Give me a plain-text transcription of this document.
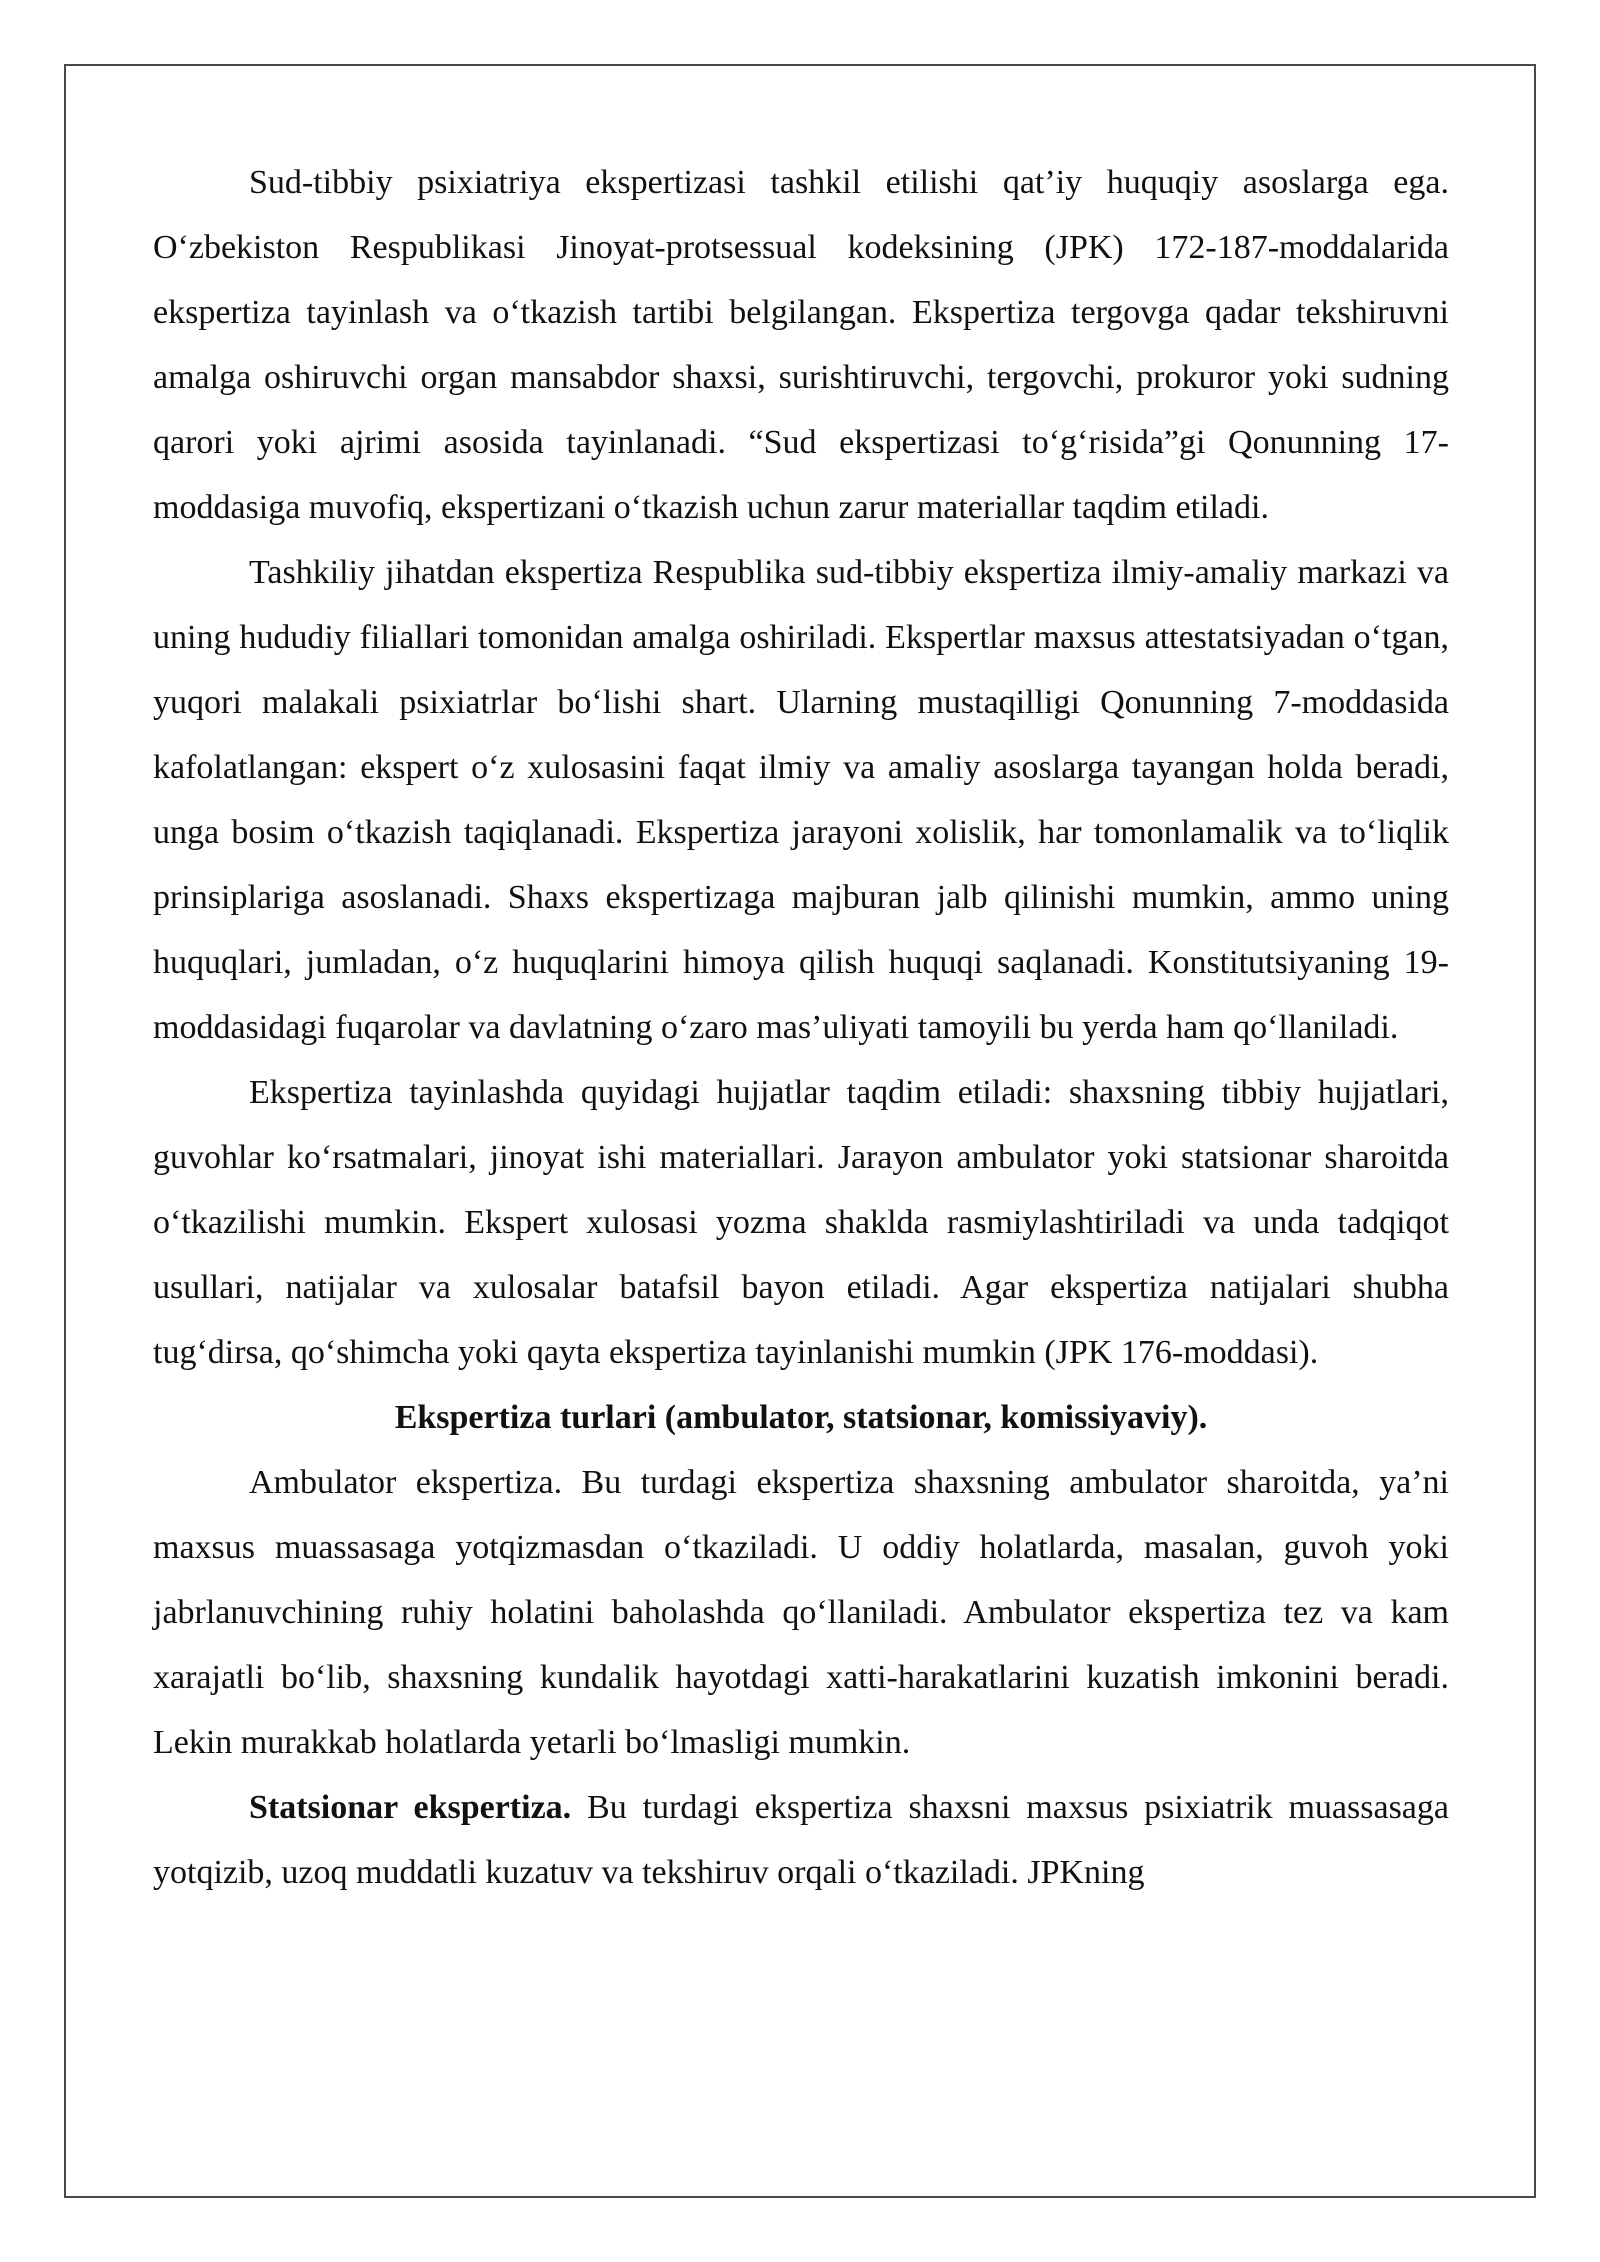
Sud-tibbiy psixiatriya ekspertizasi tashkil etilishi qat’iy huquqiy asoslarga ega. O‘zbekiston Respublikasi Jinoyat-protsessual kodeksining (JPK) 172-187-moddalarida ekspertiza tayinlash va o‘tkazish tartibi belgilangan. Ekspertiza tergovga qadar tekshiruvni amalga oshiruvchi organ mansabdor shaxsi, surishtiruvchi, tergovchi, prokuror yoki sudning qarori yoki ajrimi asosida tayinlanadi. “Sud ekspertizasi to‘g‘risida”gi Qonunning 17-moddasiga muvofiq, ekspertizani o‘tkazish uchun zarur materiallar taqdim etiladi.

Tashkiliy jihatdan ekspertiza Respublika sud-tibbiy ekspertiza ilmiy-amaliy markazi va uning hududiy filiallari tomonidan amalga oshiriladi. Ekspertlar maxsus attestatsiyadan o‘tgan, yuqori malakali psixiatrlar bo‘lishi shart. Ularning mustaqilligi Qonunning 7-moddasida kafolatlangan: ekspert o‘z xulosasini faqat ilmiy va amaliy asoslarga tayangan holda beradi, unga bosim o‘tkazish taqiqlanadi. Ekspertiza jarayoni xolislik, har tomonlamalik va to‘liqlik prinsiplariga asoslanadi. Shaxs ekspertizaga majburan jalb qilinishi mumkin, ammo uning huquqlari, jumladan, o‘z huquqlarini himoya qilish huquqi saqlanadi. Konstitutsiyaning 19-moddasidagi fuqarolar va davlatning o‘zaro mas’uliyati tamoyili bu yerda ham qo‘llaniladi.

Ekspertiza tayinlashda quyidagi hujjatlar taqdim etiladi: shaxsning tibbiy hujjatlari, guvohlar ko‘rsatmalari, jinoyat ishi materiallari. Jarayon ambulator yoki statsionar sharoitda o‘tkazilishi mumkin. Ekspert xulosasi yozma shaklda rasmiylashtiriladi va unda tadqiqot usullari, natijalar va xulosalar batafsil bayon etiladi. Agar ekspertiza natijalari shubha tug‘dirsa, qo‘shimcha yoki qayta ekspertiza tayinlanishi mumkin (JPK 176-moddasi).

Ekspertiza turlari (ambulator, statsionar, komissiyaviy).

Ambulator ekspertiza. Bu turdagi ekspertiza shaxsning ambulator sharoitda, ya’ni maxsus muassasaga yotqizmasdan o‘tkaziladi. U oddiy holatlarda, masalan, guvoh yoki jabrlanuvchining ruhiy holatini baholashda qo‘llaniladi. Ambulator ekspertiza tez va kam xarajatli bo‘lib, shaxsning kundalik hayotdagi xatti-harakatlarini kuzatish imkonini beradi. Lekin murakkab holatlarda yetarli bo‘lmasligi mumkin.

Statsionar ekspertiza. Bu turdagi ekspertiza shaxsni maxsus psixiatrik muassasaga yotqizib, uzoq muddatli kuzatuv va tekshiruv orqali o‘tkaziladi. JPKning
